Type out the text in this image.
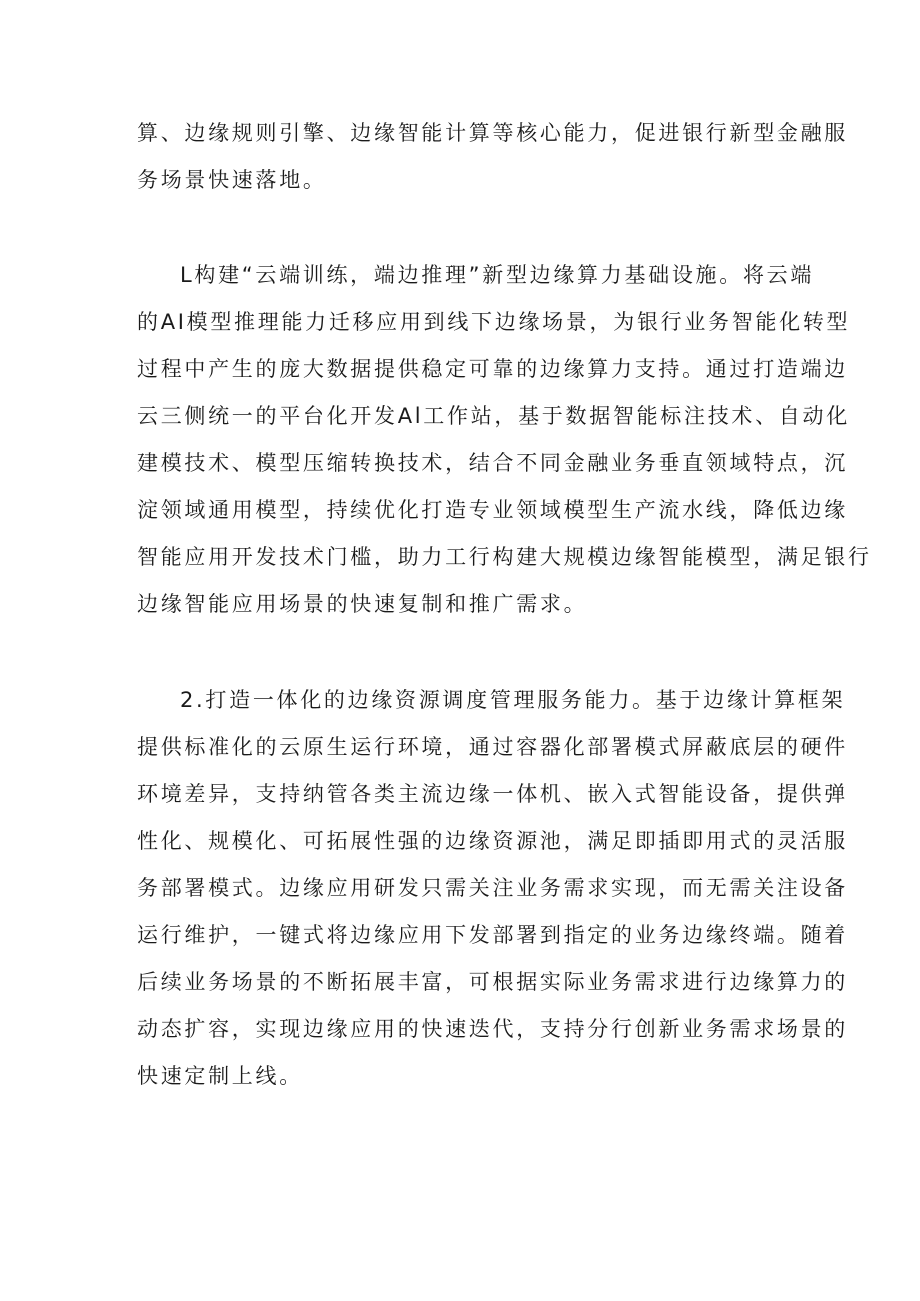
算、边缘规则引擎、边缘智能计算等核心能力，促进银行新型金融服
务场景快速落地。
L构建“云端训练，端边推理”新型边缘算力基础设施。将云端
的AI模型推理能力迁移应用到线下边缘场景，为银行业务智能化转型
过程中产生的庞大数据提供稳定可靠的边缘算力支持。通过打造端边
云三侧统一的平台化开发Al工作站，基于数据智能标注技术、自动化
建模技术、模型压缩转换技术，结合不同金融业务垂直领域特点，沉
淀领域通用模型，持续优化打造专业领域模型生产流水线，降低边缘
智能应用开发技术门槛，助力工行构建大规模边缘智能模型，满足银行
边缘智能应用场景的快速复制和推广需求。
2.打造一体化的边缘资源调度管理服务能力。基于边缘计算框架
提供标准化的云原生运行环境，通过容器化部署模式屏蔽底层的硬件
环境差异，支持纳管各类主流边缘一体机、嵌入式智能设备，提供弹
性化、规模化、可拓展性强的边缘资源池，满足即插即用式的灵活服
务部署模式。边缘应用研发只需关注业务需求实现，而无需关注设备
运行维护，一键式将边缘应用下发部署到指定的业务边缘终端。随着
后续业务场景的不断拓展丰富，可根据实际业务需求进行边缘算力的
动态扩容，实现边缘应用的快速迭代，支持分行创新业务需求场景的
快速定制上线。
